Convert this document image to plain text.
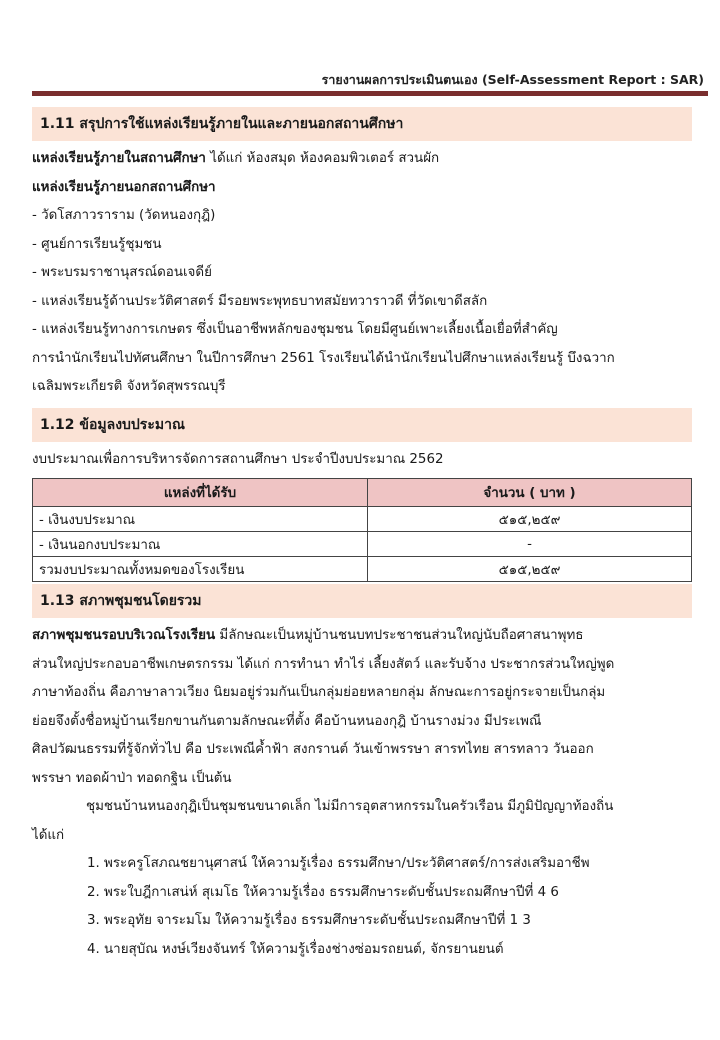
รายงานผลการประเมินตนเอง (Self-Assessment Report : SAR)
1.11 สรุปการใช้แหล่งเรียนรู้ภายในและภายนอกสถานศึกษา
แหล่งเรียนรู้ภายในสถานศึกษา ได้แก่ ห้องสมุด ห้องคอมพิวเตอร์ สวนผัก
แหล่งเรียนรู้ภายนอกสถานศึกษา
- วัดโสภาวราราม (วัดหนองกุฎิ)
- ศูนย์การเรียนรู้ชุมชน
- พระบรมราชานุสรณ์ดอนเจดีย์
- แหล่งเรียนรู้ด้านประวัติศาสตร์ มีรอยพระพุทธบาทสมัยทวาราวดี ที่วัดเขาดีสลัก
- แหล่งเรียนรู้ทางการเกษตร ซึ่งเป็นอาชีพหลักของชุมชน โดยมีศูนย์เพาะเลี้ยงเนื้อเยื่อที่สำคัญ
การนำนักเรียนไปทัศนศึกษา ในปีการศึกษา 2561 โรงเรียนได้นำนักเรียนไปศึกษาแหล่งเรียนรู้ บึงฉวาก
เฉลิมพระเกียรติ จังหวัดสุพรรณบุรี
1.12 ข้อมูลงบประมาณ
งบประมาณเพื่อการบริหารจัดการสถานศึกษา ประจำปีงบประมาณ 2562
แหล่งที่ได้รับ	จำนวน ( บาท )
- เงินงบประมาณ	๕๑๕,๒๕๙
- เงินนอกงบประมาณ	-
รวมงบประมาณทั้งหมดของโรงเรียน	๕๑๕,๒๕๙
1.13 สภาพชุมชนโดยรวม
สภาพชุมชนรอบบริเวณโรงเรียน มีลักษณะเป็นหมู่บ้านชนบทประชาชนส่วนใหญ่นับถือศาสนาพุทธ
ส่วนใหญ่ประกอบอาชีพเกษตรกรรม ได้แก่ การทำนา ทำไร่ เลี้ยงสัตว์ และรับจ้าง ประชากรส่วนใหญ่พูด
ภาษาท้องถิ่น คือภาษาลาวเวียง นิยมอยู่ร่วมกันเป็นกลุ่มย่อยหลายกลุ่ม ลักษณะการอยู่กระจายเป็นกลุ่ม
ย่อยจึงตั้งชื่อหมู่บ้านเรียกขานกันตามลักษณะที่ตั้ง คือบ้านหนองกุฎิ บ้านรางม่วง มีประเพณี
ศิลปวัฒนธรรมที่รู้จักทั่วไป คือ ประเพณีค้ำฟ้า สงกรานต์ วันเข้าพรรษา สารทไทย สารทลาว วันออก
พรรษา ทอดผ้าป่า ทอดกฐิน เป็นต้น
ชุมชนบ้านหนองกุฎิเป็นชุมชนขนาดเล็ก ไม่มีการอุตสาหกรรมในครัวเรือน มีภูมิปัญญาท้องถิ่น
ได้แก่
1. พระครูโสภณชยานุศาสน์ ให้ความรู้เรื่อง ธรรมศึกษา/ประวัติศาสตร์/การส่งเสริมอาชีพ
2. พระใบฎีกาเสน่ห์ สุเมโธ ให้ความรู้เรื่อง ธรรมศึกษาระดับชั้นประถมศึกษาปีที่ 4 6
3. พระอุทัย จาระมโม ให้ความรู้เรื่อง ธรรมศึกษาระดับชั้นประถมศึกษาปีที่ 1 3
4. นายสุบัณ หงษ์เวียงจันทร์ ให้ความรู้เรื่องช่างซ่อมรถยนต์, จักรยานยนต์
